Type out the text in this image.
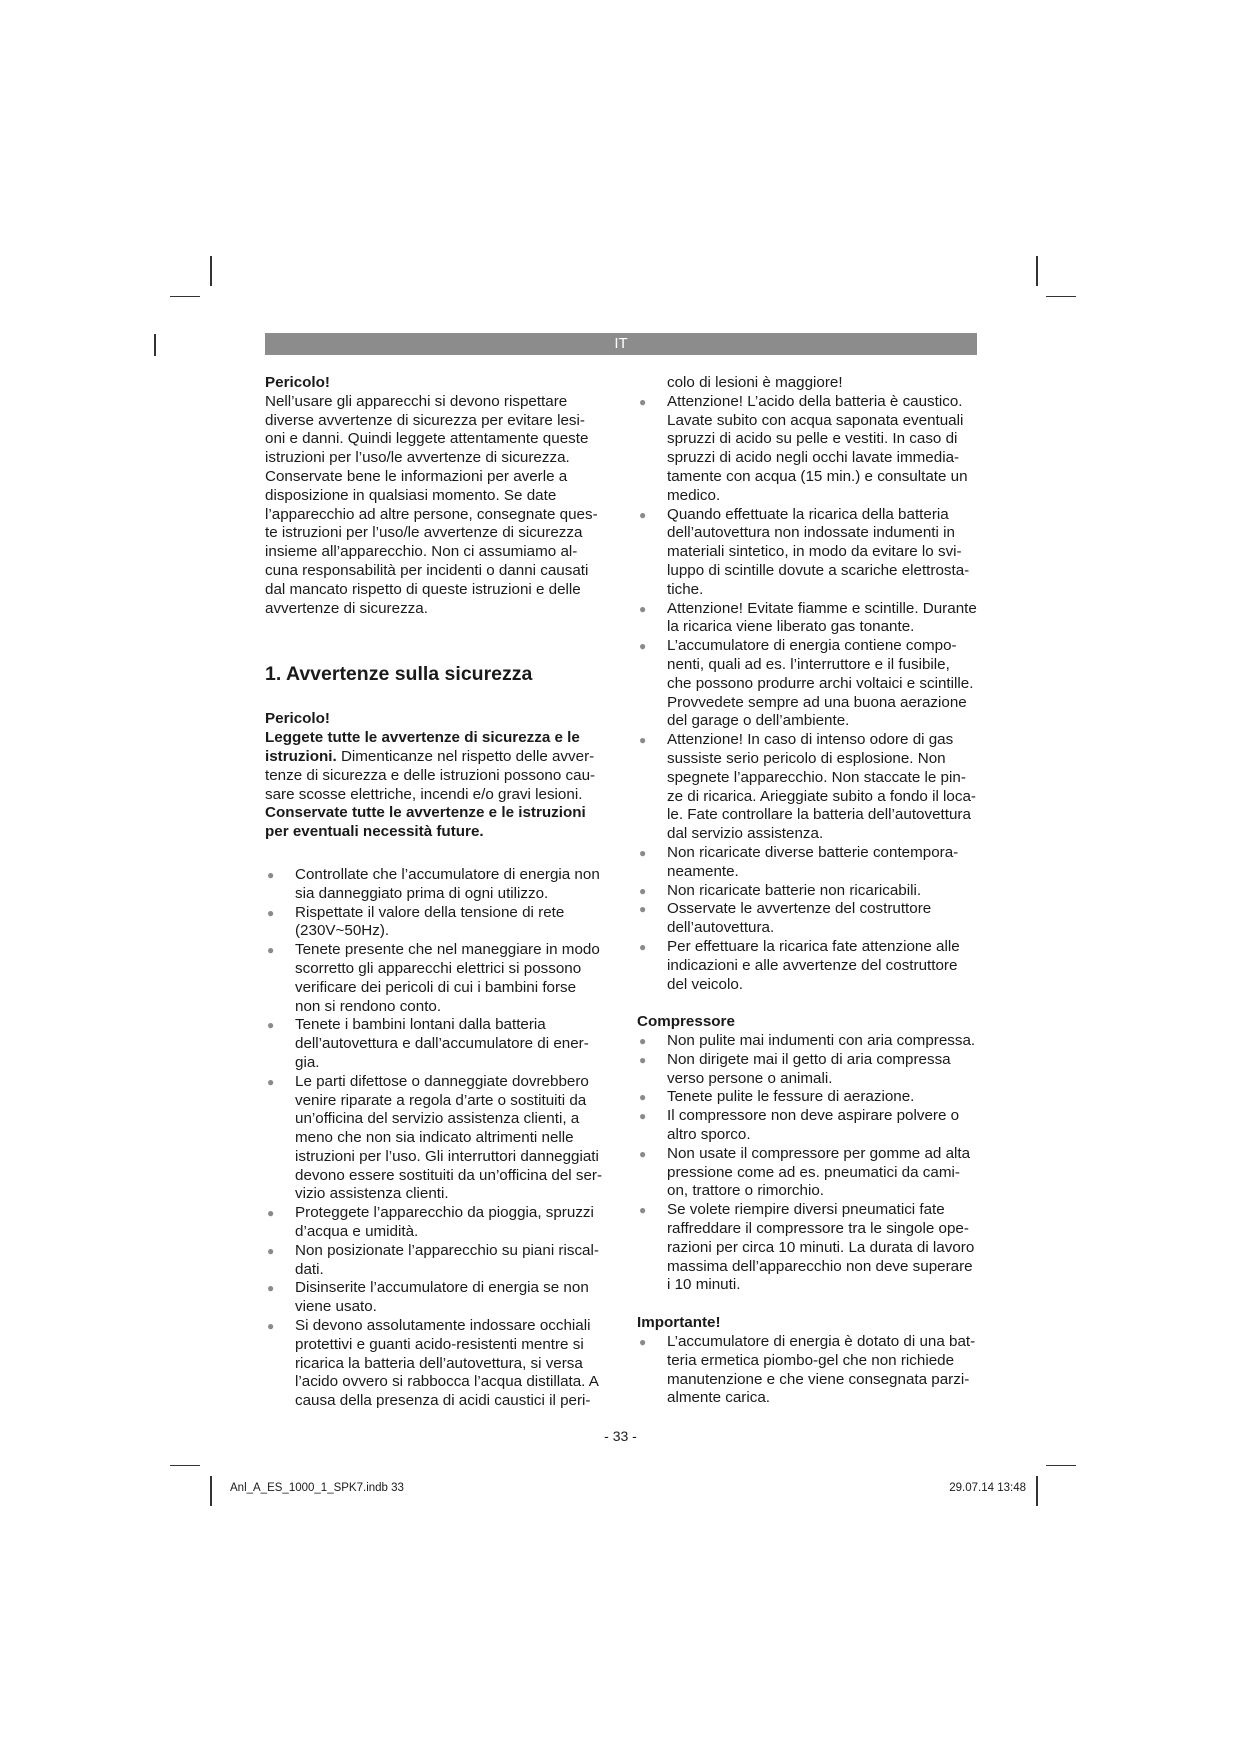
IT

Pericolo!

Nell’usare gli apparecchi si devono rispettare
diverse avvertenze di sicurezza per evitare lesi-
oni e danni. Quindi leggete attentamente queste
istruzioni per l’uso/le avvertenze di sicurezza.
Conservate bene le informazioni per averle a
disposizione in qualsiasi momento. Se date
l’apparecchio ad altre persone, consegnate ques-
te istruzioni per l’uso/le avvertenze di sicurezza
insieme all’apparecchio. Non ci assumiamo al-
cuna responsabilità per incidenti o danni causati
dal mancato rispetto di queste istruzioni e delle
avvertenze di sicurezza.
1. Avvertenze sulla sicurezza

Pericolo!

Leggete tutte le avvertenze di sicurezza e le
istruzioni. Dimenticanze nel rispetto delle avver-
tenze di sicurezza e delle istruzioni possono cau-
sare scosse elettriche, incendi e/o gravi lesioni.
Conservate tutte le avvertenze e le istruzioni
per eventuali necessità future.
● Controllate che l’accumulatore di energia non
sia danneggiato prima di ogni utilizzo.
● Rispettate il valore della tensione di rete
(230V~50Hz).
● Tenete presente che nel maneggiare in modo
scorretto gli apparecchi elettrici si possono
verificare dei pericoli di cui i bambini forse
non si rendono conto.
● Tenete i bambini lontani dalla batteria
dell’autovettura e dall’accumulatore di ener-
gia.
● Le parti difettose o danneggiate dovrebbero
venire riparate a regola d’arte o sostituiti da
un’officina del servizio assistenza clienti, a
meno che non sia indicato altrimenti nelle
istruzioni per l’uso. Gli interruttori danneggiati
devono essere sostituiti da un’officina del ser-
vizio assistenza clienti.
● Proteggete l’apparecchio da pioggia, spruzzi
d’acqua e umidità.
● Non posizionate l’apparecchio su piani riscal-
dati.
● Disinserite l’accumulatore di energia se non
viene usato.
● Si devono assolutamente indossare occhiali
protettivi e guanti acido-resistenti mentre si
ricarica la batteria dell’autovettura, si versa
l’acido ovvero si rabbocca l’acqua distillata. A
causa della presenza di acidi caustici il peri-
colo di lesioni è maggiore!
● Attenzione! L’acido della batteria è caustico.
Lavate subito con acqua saponata eventuali
spruzzi di acido su pelle e vestiti. In caso di
spruzzi di acido negli occhi lavate immedia-
tamente con acqua (15 min.) e consultate un
medico.
● Quando effettuate la ricarica della batteria
dell’autovettura non indossate indumenti in
materiali sintetico, in modo da evitare lo svi-
luppo di scintille dovute a scariche elettrosta-
tiche.
● Attenzione! Evitate fiamme e scintille. Durante
la ricarica viene liberato gas tonante.
● L’accumulatore di energia contiene compo-
nenti, quali ad es. l’interruttore e il fusibile,
che possono produrre archi voltaici e scintille.
Provvedete sempre ad una buona aerazione
del garage o dell’ambiente.
● Attenzione! In caso di intenso odore di gas
sussiste serio pericolo di esplosione. Non
spegnete l’apparecchio. Non staccate le pin-
ze di ricarica. Arieggiate subito a fondo il loca-
le. Fate controllare la batteria dell’autovettura
dal servizio assistenza.
● Non ricaricate diverse batterie contempora-
neamente.
● Non ricaricate batterie non ricaricabili.
● Osservate le avvertenze del costruttore
dell’autovettura.
● Per effettuare la ricarica fate attenzione alle
indicazioni e alle avvertenze del costruttore
del veicolo.

Compressore

● Non pulite mai indumenti con aria compressa.
● Non dirigete mai il getto di aria compressa
verso persone o animali.
● Tenete pulite le fessure di aerazione.
● Il compressore non deve aspirare polvere o
altro sporco.
● Non usate il compressore per gomme ad alta
pressione come ad es. pneumatici da cami-
on, trattore o rimorchio.
● Se volete riempire diversi pneumatici fate
raffreddare il compressore tra le singole ope-
razioni per circa 10 minuti. La durata di lavoro
massima dell’apparecchio non deve superare
i 10 minuti.

Importante!

● L’accumulatore di energia è dotato di una bat-
teria ermetica piombo-gel che non richiede
manutenzione e che viene consegnata parzi-
almente carica.
- 33 -
Anl_A_ES_1000_1_SPK7.indb 33	29.07.14 13:48
